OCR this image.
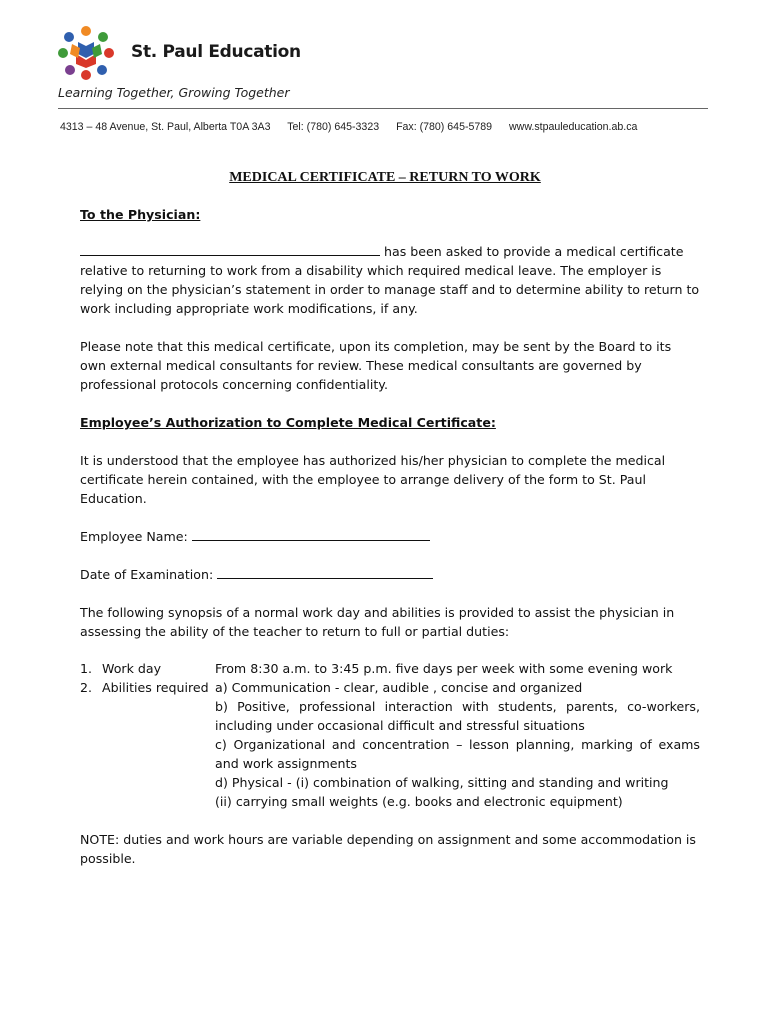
St. Paul Education
Learning Together, Growing Together
4313 – 48 Avenue, St. Paul, Alberta T0A 3A3 Tel: (780) 645-3323 Fax: (780) 645-5789 www.stpauleducation.ab.ca
MEDICAL CERTIFICATE – RETURN TO WORK
To the Physician:
has been asked to provide a medical certificate relative to returning to work from a disability which required medical leave. The employer is relying on the physician’s statement in order to manage staff and to determine ability to return to work including appropriate work modifications, if any.
Please note that this medical certificate, upon its completion, may be sent by the Board to its own external medical consultants for review. These medical consultants are governed by professional protocols concerning confidentiality.
Employee’s Authorization to Complete Medical Certificate:
It is understood that the employee has authorized his/her physician to complete the medical certificate herein contained, with the employee to arrange delivery of the form to St. Paul Education.
Employee Name:
Date of Examination:
The following synopsis of a normal work day and abilities is provided to assist the physician in assessing the ability of the teacher to return to full or partial duties:
1. Work day	From 8:30 a.m. to 3:45 p.m. five days per week with some evening work
2. Abilities required a) Communication - clear, audible , concise and organized
b) Positive, professional interaction with students, parents, co-workers, including under occasional difficult and stressful situations
c) Organizational and concentration – lesson planning, marking of exams and work assignments
d) Physical - (i) combination of walking, sitting and standing and writing
(ii) carrying small weights (e.g. books and electronic equipment)
NOTE: duties and work hours are variable depending on assignment and some accommodation is possible.
